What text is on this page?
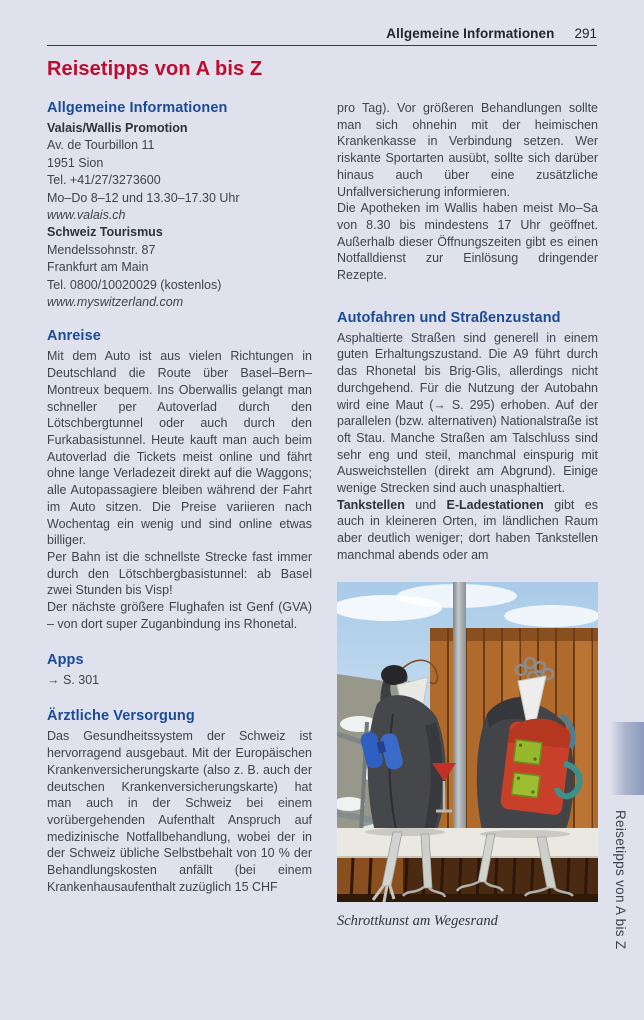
Allgemeine Informationen 291
Reisetipps von A bis Z
Allgemeine Informationen
Valais/Wallis Promotion
Av. de Tourbillon 11
1951 Sion
Tel. +41/27/3273600
Mo–Do 8–12 und 13.30–17.30 Uhr
www.valais.ch
Schweiz Tourismus
Mendelssohnstr. 87
Frankfurt am Main
Tel. 0800/10020029 (kostenlos)
www.myswitzerland.com
Anreise

Mit dem Auto ist aus vielen Richtungen in Deutschland die Route über Basel–Bern–Montreux bequem. Ins Oberwallis gelangt man schneller per Autoverlad durch den Lötschbergtunnel oder auch durch den Furkabasistunnel. Heute kauft man auch beim Autoverlad die Tickets meist online und fährt ohne lange Verladezeit direkt auf die Waggons; alle Autopassagiere bleiben während der Fahrt im Auto sitzen. Die Preise variieren nach Wochentag ein wenig und sind online etwas billiger.

Per Bahn ist die schnellste Strecke fast immer durch den Lötschbergbasistunnel: ab Basel zwei Stunden bis Visp!

Der nächste größere Flughafen ist Genf (GVA) – von dort super Zuganbindung ins Rhonetal.

Apps
→ S. 301
Ärztliche Versorgung

Das Gesundheitssystem der Schweiz ist hervorragend ausgebaut. Mit der Europäischen Krankenversicherungskarte (also z. B. auch der deutschen Krankenversicherungskarte) hat man auch in der Schweiz bei einem vorübergehenden Aufenthalt Anspruch auf medizinische Notfallbehandlung, wobei der in der Schweiz übliche Selbstbehalt von 10 % der Behandlungskosten anfällt (bei einem Krankenhausaufenthalt zuzüglich 15 CHF

pro Tag). Vor größeren Behandlungen sollte man sich ohnehin mit der heimischen Krankenkasse in Verbindung setzen. Wer riskante Sportarten ausübt, sollte sich darüber hinaus auch über eine zusätzliche Unfallversicherung informieren.

Die Apotheken im Wallis haben meist Mo–Sa von 8.30 bis mindestens 17 Uhr geöffnet. Außerhalb dieser Öffnungszeiten gibt es einen Notfalldienst zur Einlösung dringender Rezepte.

Autofahren und Straßenzustand

Asphaltierte Straßen sind generell in einem guten Erhaltungszustand. Die A9 führt durch das Rhonetal bis Brig-Glis, allerdings nicht durchgehend. Für die Nutzung der Autobahn wird eine Maut (→ S. 295) erhoben. Auf der parallelen (bzw. alternativen) Nationalstraße ist oft Stau. Manche Straßen am Talschluss sind sehr eng und steil, manchmal einspurig mit Ausweichstellen (direkt am Abgrund). Einige wenige Strecken sind auch unasphaltiert.

Tankstellen und E-Ladestationen gibt es auch in kleineren Orten, im ländlichen Raum aber deutlich weniger; dort haben Tankstellen manchmal abends oder am

Schrottkunst am Wegesrand	Reisetipps von A bis Z
